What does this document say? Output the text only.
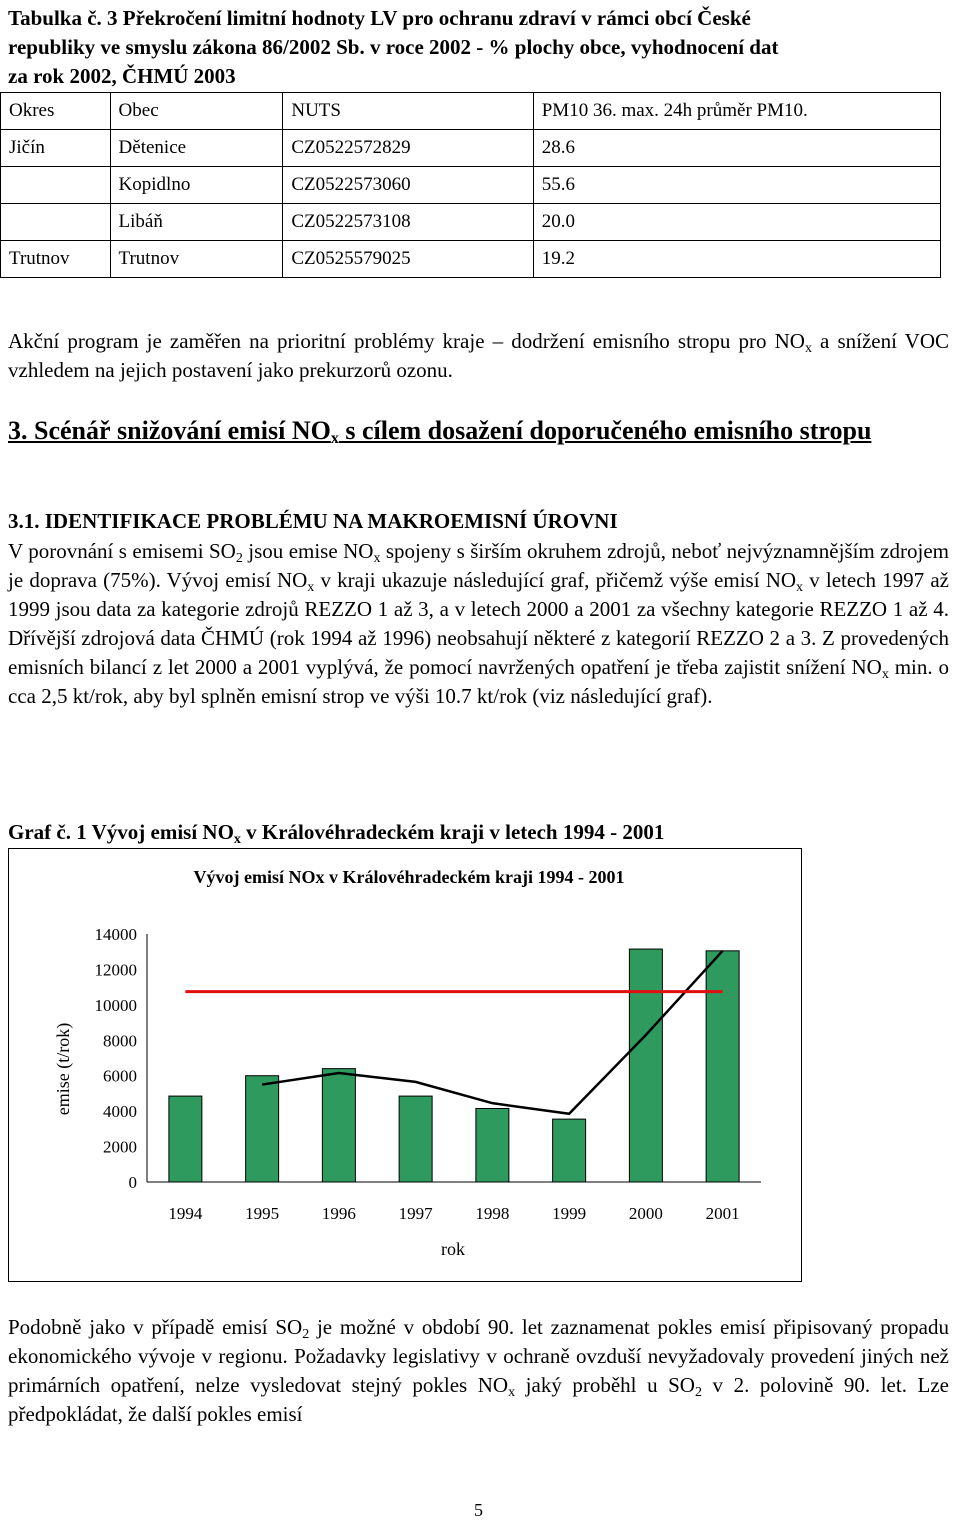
Tabulka č. 3 Překročení limitní hodnoty LV pro ochranu zdraví v rámci obcí České
republiky ve smyslu zákona 86/2002 Sb. v roce 2002 - % plochy obce, vyhodnocení dat
za rok 2002, ČHMÚ 2003
Okres	Obec	NUTS	PM10 36. max. 24h průměr PM10.
Jičín	Dětenice	CZ0522572829	28.6
	Kopidlno	CZ0522573060	55.6
	Libáň	CZ0522573108	20.0
Trutnov	Trutnov	CZ0525579025	19.2
Akční program je zaměřen na prioritní problémy kraje – dodržení emisního stropu pro $NO_x$ a snížení VOC vzhledem na jejich postavení jako prekurzorů ozonu.
3. Scénář snižování emisí $NO_x$ s cílem dosažení doporučeného emisního stropu
3.1. IDENTIFIKACE PROBLÉMU NA MAKROEMISNÍ ÚROVNI
V porovnání s emisemi $SO_2$ jsou emise $NO_x$ spojeny s širším okruhem zdrojů, neboť nejvýznamnějším zdrojem je doprava (75%). Vývoj emisí $NO_x$ v kraji ukazuje následující graf, přičemž výše emisí $NO_x$ v letech 1997 až 1999 jsou data za kategorie zdrojů REZZO 1 až 3, a v letech 2000 a 2001 za všechny kategorie REZZO 1 až 4. Dřívější zdrojová data ČHMÚ (rok 1994 až 1996) neobsahují některé z kategorií REZZO 2 a 3. Z provedených emisních bilancí z let 2000 a 2001 vyplývá, že pomocí navržených opatření je třeba zajistit snížení $NO_x$ min. o cca 2,5 kt/rok, aby byl splněn emisní strop ve výši 10.7 kt/rok (viz následující graf).
Graf č. 1 Vývoj emisí $NO_x$ v Královéhradeckém kraji v letech 1994 - 2001
Vývoj emisí NOx v Královéhradeckém kraji 1994 - 2001
emise (t/rok)
rok
0
2000
4000
6000
8000
10000
12000
14000
1994	1995	1996	1997	1998	1999	2000	2001
Podobně jako v případě emisí $SO_2$ je možné v období 90. let zaznamenat pokles emisí připisovaný propadu ekonomického vývoje v regionu. Požadavky legislativy v ochraně ovzduší nevyžadovaly provedení jiných než primárních opatření, nelze vysledovat stejný pokles $NO_x$ jaký proběhl u $SO_2$ v 2. polovině 90. let. Lze předpokládat, že další pokles emisí
5
